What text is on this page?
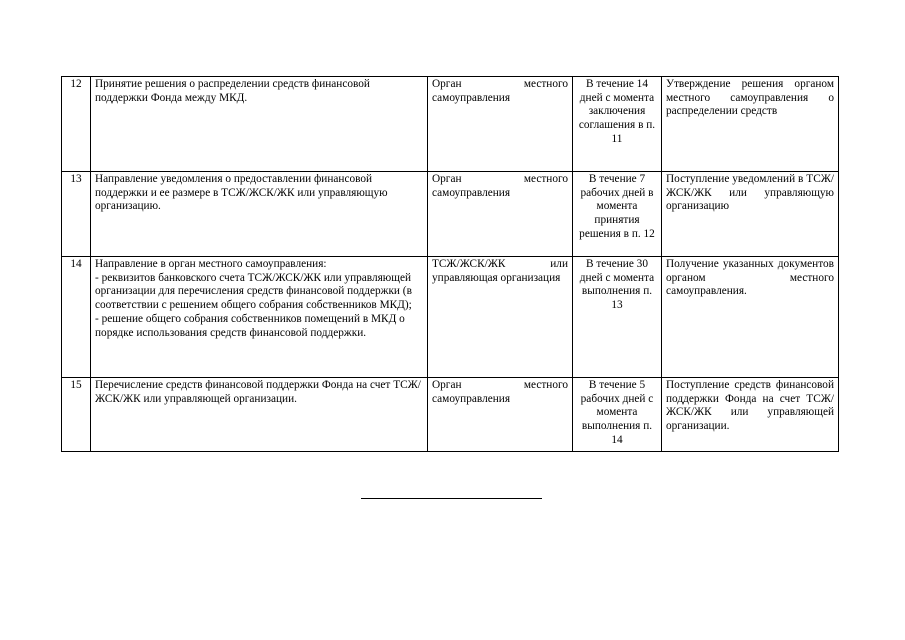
12	Принятие решения о распределении средств финансовой поддержки Фонда между МКД.	Орган местного самоуправления	В течение 14 дней с момента заключения соглашения в п. 11	Утверждение решения органом местного самоуправления о распределении средств
13	Направление уведомления о предоставлении финансовой поддержки и ее размере в ТСЖ/ЖСК/ЖК или управляющую организацию.	Орган местного самоуправления	В течение 7 рабочих дней в момента принятия решения в п. 12	Поступление уведомлений в ТСЖ/ЖСК/ЖК или управляющую организацию
14	Направление в орган местного самоуправления:
- реквизитов банковского счета ТСЖ/ЖСК/ЖК или управляющей организации для перечисления средств финансовой поддержки (в соответствии с решением общего собрания собственников МКД);
- решение общего собрания собственников помещений в МКД о порядке использования средств финансовой поддержки.	ТСЖ/ЖСК/ЖК или управляющая организация	В течение 30 дней с момента выполнения п. 13	Получение указанных документов органом местного самоуправления.
15	Перечисление средств финансовой поддержки Фонда на счет ТСЖ/ЖСК/ЖК или управляющей организации.	Орган местного самоуправления	В течение 5 рабочих дней с момента выполнения п. 14	Поступление средств финансовой поддержки Фонда на счет ТСЖ/ЖСК/ЖК или управляющей организации.
